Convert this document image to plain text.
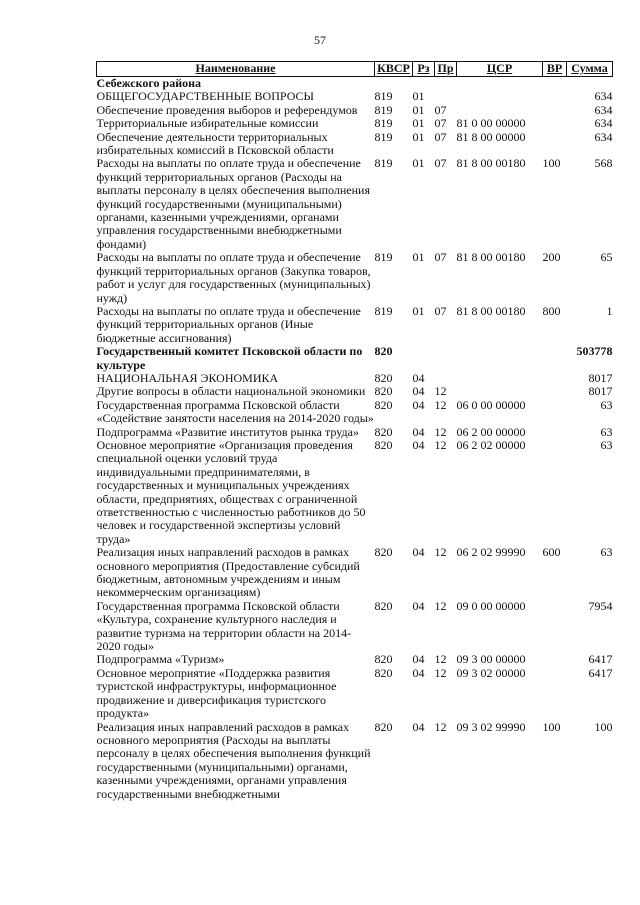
57
Наименование	КВСР	Рз	Пр	ЦСР	ВР	Сумма
Себежского района						
ОБЩЕГОСУДАРСТВЕННЫЕ ВОПРОСЫ	819	01				634
Обеспечение проведения выборов и референдумов	819	01	07			634
Территориальные избирательные комиссии	819	01	07	81 0 00 00000		634
Обеспечение деятельности территориальных избирательных комиссий в Псковской области	819	01	07	81 8 00 00000		634
Расходы на выплаты по оплате труда и обеспечение функций территориальных органов (Расходы на выплаты персоналу в целях обеспечения выполнения функций государственными (муниципальными) органами, казенными учреждениями, органами управления государственными внебюджетными фондами)	819	01	07	81 8 00 00180	100	568
Расходы на выплаты по оплате труда и обеспечение функций территориальных органов (Закупка товаров, работ и услуг для государственных (муниципальных) нужд)	819	01	07	81 8 00 00180	200	65
Расходы на выплаты по оплате труда и обеспечение функций территориальных органов (Иные бюджетные ассигнования)	819	01	07	81 8 00 00180	800	1
Государственный комитет Псковской области по культуре	820					503778
НАЦИОНАЛЬНАЯ ЭКОНОМИКА	820	04				8017
Другие вопросы в области национальной экономики	820	04	12			8017
Государственная программа Псковской области «Содействие занятости населения на 2014-2020 годы»	820	04	12	06 0 00 00000		63
Подпрограмма «Развитие институтов рынка труда»	820	04	12	06 2 00 00000		63
Основное мероприятие «Организация проведения специальной оценки условий труда индивидуальными предпринимателями, в государственных и муниципальных учреждениях области, предприятиях, обществах с ограниченной ответственностью с численностью работников до 50 человек и государственной экспертизы условий труда»	820	04	12	06 2 02 00000		63
Реализация иных направлений расходов в рамках основного мероприятия (Предоставление субсидий бюджетным, автономным учреждениям и иным некоммерческим организациям)	820	04	12	06 2 02 99990	600	63
Государственная программа Псковской области «Культура, сохранение культурного наследия и развитие туризма на территории области на 2014-2020 годы»	820	04	12	09 0 00 00000		7954
Подпрограмма «Туризм»	820	04	12	09 3 00 00000		6417
Основное мероприятие «Поддержка развития туристской инфраструктуры, информационное продвижение и диверсификация туристского продукта»	820	04	12	09 3 02 00000		6417
Реализация иных направлений расходов в рамках основного мероприятия (Расходы на выплаты персоналу в целях обеспечения выполнения функций государственными (муниципальными) органами, казенными учреждениями, органами управления государственными внебюджетными	820	04	12	09 3 02 99990	100	100
